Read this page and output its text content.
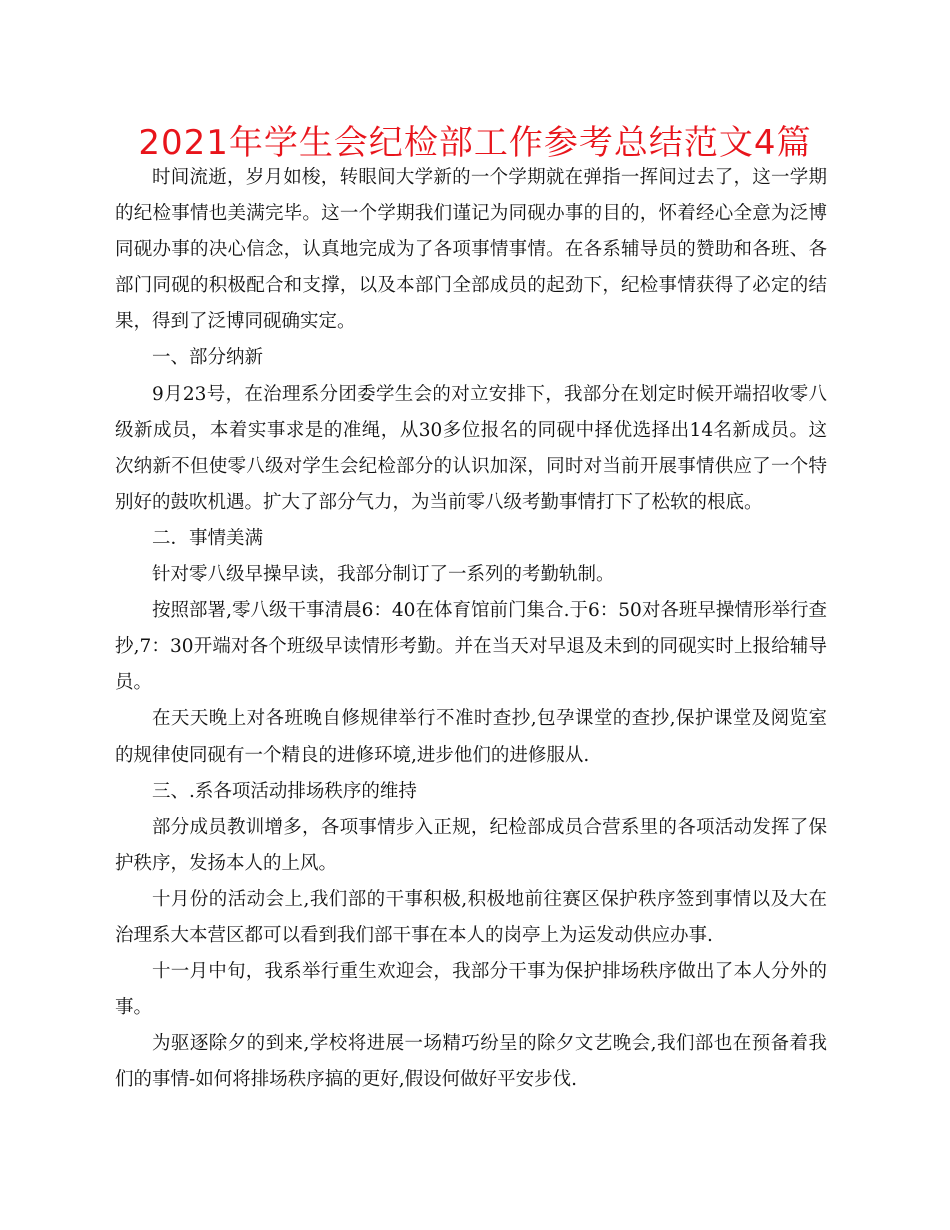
2021年学生会纪检部工作参考总结范文4篇

时间流逝，岁月如梭，转眼间大学新的一个学期就在弹指一挥间过去了，这一学期的纪检事情也美满完毕。这一个学期我们谨记为同砚办事的目的，怀着经心全意为泛博同砚办事的决心信念，认真地完成为了各项事情事情。在各系辅导员的赞助和各班、各部门同砚的积极配合和支撑，以及本部门全部成员的起劲下，纪检事情获得了必定的结果，得到了泛博同砚确实定。

一、部分纳新

9月23号，在治理系分团委学生会的对立安排下，我部分在划定时候开端招收零八级新成员，本着实事求是的准绳，从30多位报名的同砚中择优选择出14名新成员。这次纳新不但使零八级对学生会纪检部分的认识加深，同时对当前开展事情供应了一个特别好的鼓吹机遇。扩大了部分气力，为当前零八级考勤事情打下了松软的根底。

二．事情美满

针对零八级早操早读，我部分制订了一系列的考勤轨制。

按照部署,零八级干事清晨6：40在体育馆前门集合.于6：50对各班早操情形举行查抄,7：30开端对各个班级早读情形考勤。并在当天对早退及未到的同砚实时上报给辅导员。

在天天晚上对各班晚自修规律举行不准时查抄,包孕课堂的查抄,保护课堂及阅览室的规律使同砚有一个精良的进修环境,进步他们的进修服从.

三、.系各项活动排场秩序的维持

部分成员教训增多，各项事情步入正规，纪检部成员合营系里的各项活动发挥了保护秩序，发扬本人的上风。

十月份的活动会上,我们部的干事积极,积极地前往赛区保护秩序签到事情以及大在治理系大本营区都可以看到我们部干事在本人的岗亭上为运发动供应办事.

十一月中旬，我系举行重生欢迎会，我部分干事为保护排场秩序做出了本人分外的事。

为驱逐除夕的到来,学校将进展一场精巧纷呈的除夕文艺晚会,我们部也在预备着我们的事情-如何将排场秩序搞的更好,假设何做好平安步伐.
